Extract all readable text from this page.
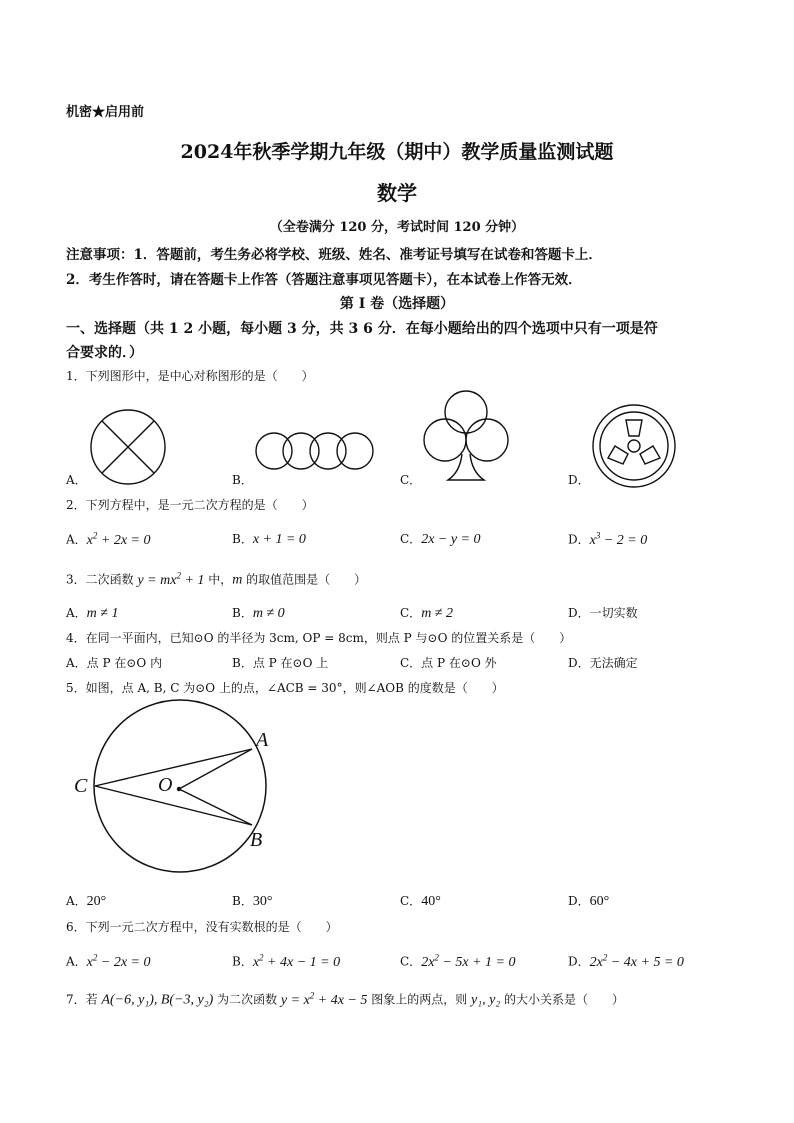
机密★启用前
2024年秋季学期九年级（期中）教学质量监测试题
数学
（全卷满分 120 分，考试时间 120 分钟）
注意事项：1．答题前，考生务必将学校、班级、姓名、准考证号填写在试卷和答题卡上．
2．考生作答时，请在答题卡上作答（答题注意事项见答题卡），在本试卷上作答无效．
第 I 卷（选择题）
一、选择题（共 1 2 小题，每小题 3 分，共 3 6 分．在每小题给出的四个选项中只有一项是符
合要求的．）
1．下列图形中，是中心对称图形的是（　　）
A．	B．	C．	D．
2．下列方程中，是一元二次方程的是（　　）
A．$x^2 + 2x = 0$	B．x + 1 = 0	C．2x − y = 0	D．$x^3 - 2 = 0$
3．二次函数 $y = mx^2 + 1$ 中，m 的取值范围是（　　）
A．m ≠ 1	B．m ≠ 0	C．m ≠ 2	D．一切实数
4．在同一平面内，已知⊙O 的半径为 3cm, OP = 8cm，则点 P 与⊙O 的位置关系是（　　）
A．点 P 在⊙O 内	B．点 P 在⊙O 上	C．点 P 在⊙O 外	D．无法确定
5．如图，点 A, B, C 为⊙O 上的点，∠ACB = 30°，则∠AOB 的度数是（　　）
A
B
C	O
A．20°	B．30°	C．40°	D．60°
6．下列一元二次方程中，没有实数根的是（　　）
A．$x^2 - 2x = 0$	B．$x^2 + 4x - 1 = 0$	C．$2x^2 - 5x + 1 = 0$	D．$2x^2 - 4x + 5 = 0$
7．若 A(−6, y₁), B(−3, y₂) 为二次函数 $y = x^2 + 4x - 5$ 图象上的两点，则 y₁, y₂ 的大小关系是（　　）
